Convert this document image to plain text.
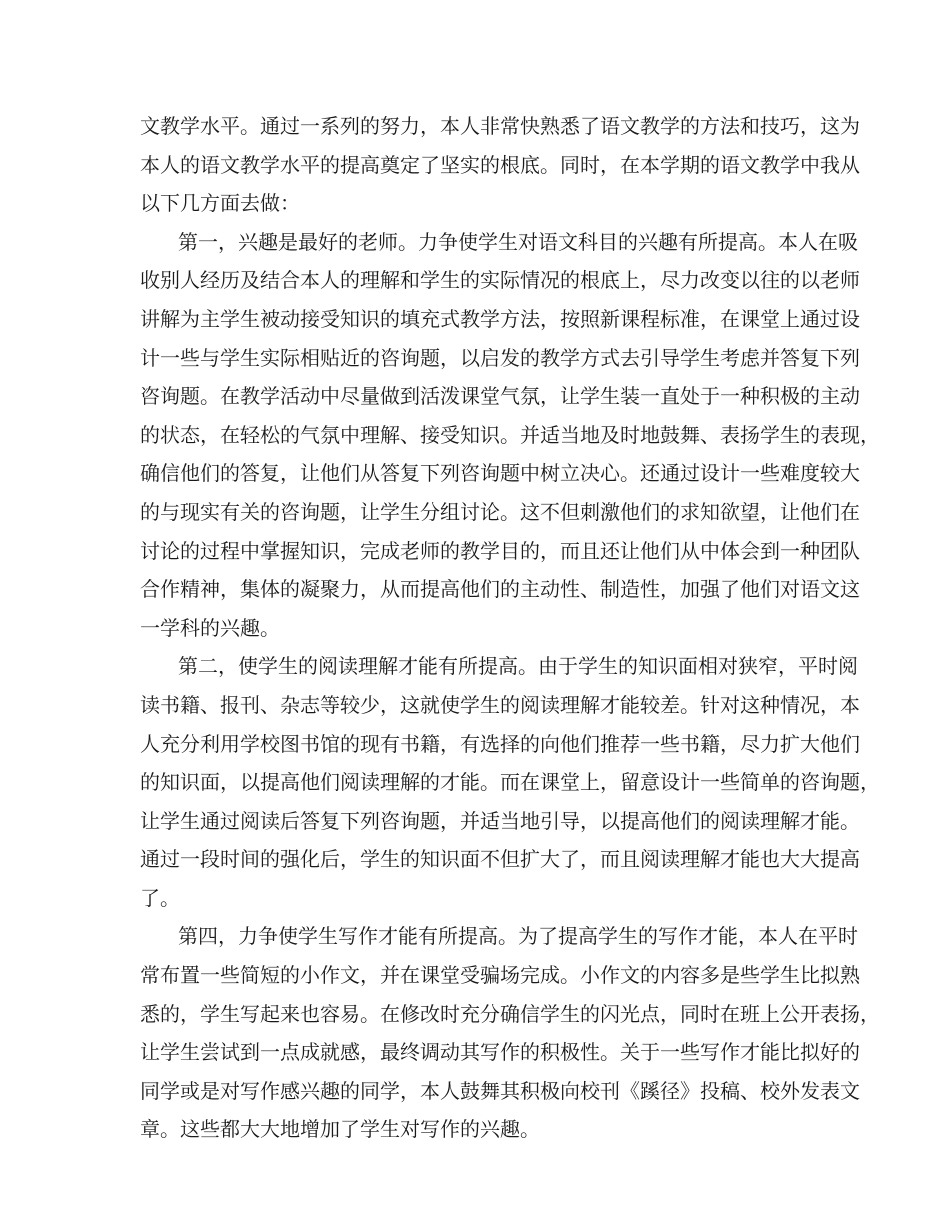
文教学水平。通过一系列的努力，本人非常快熟悉了语文教学的方法和技巧，这为
本人的语文教学水平的提高奠定了坚实的根底。同时，在本学期的语文教学中我从
以下几方面去做：
第一，兴趣是最好的老师。力争使学生对语文科目的兴趣有所提高。本人在吸
收别人经历及结合本人的理解和学生的实际情况的根底上，尽力改变以往的以老师
讲解为主学生被动接受知识的填充式教学方法，按照新课程标准，在课堂上通过设
计一些与学生实际相贴近的咨询题，以启发的教学方式去引导学生考虑并答复下列
咨询题。在教学活动中尽量做到活泼课堂气氛，让学生装一直处于一种积极的主动
的状态，在轻松的气氛中理解、接受知识。并适当地及时地鼓舞、表扬学生的表现，
确信他们的答复，让他们从答复下列咨询题中树立决心。还通过设计一些难度较大
的与现实有关的咨询题，让学生分组讨论。这不但刺激他们的求知欲望，让他们在
讨论的过程中掌握知识，完成老师的教学目的，而且还让他们从中体会到一种团队
合作精神，集体的凝聚力，从而提高他们的主动性、制造性，加强了他们对语文这
一学科的兴趣。
第二，使学生的阅读理解才能有所提高。由于学生的知识面相对狭窄，平时阅
读书籍、报刊、杂志等较少，这就使学生的阅读理解才能较差。针对这种情况，本
人充分利用学校图书馆的现有书籍，有选择的向他们推荐一些书籍，尽力扩大他们
的知识面，以提高他们阅读理解的才能。而在课堂上，留意设计一些简单的咨询题，
让学生通过阅读后答复下列咨询题，并适当地引导，以提高他们的阅读理解才能。
通过一段时间的强化后，学生的知识面不但扩大了，而且阅读理解才能也大大提高
了。
第四，力争使学生写作才能有所提高。为了提高学生的写作才能，本人在平时
常布置一些简短的小作文，并在课堂受骗场完成。小作文的内容多是些学生比拟熟
悉的，学生写起来也容易。在修改时充分确信学生的闪光点，同时在班上公开表扬，
让学生尝试到一点成就感，最终调动其写作的积极性。关于一些写作才能比拟好的
同学或是对写作感兴趣的同学，本人鼓舞其积极向校刊《蹊径》投稿、校外发表文
章。这些都大大地增加了学生对写作的兴趣。
